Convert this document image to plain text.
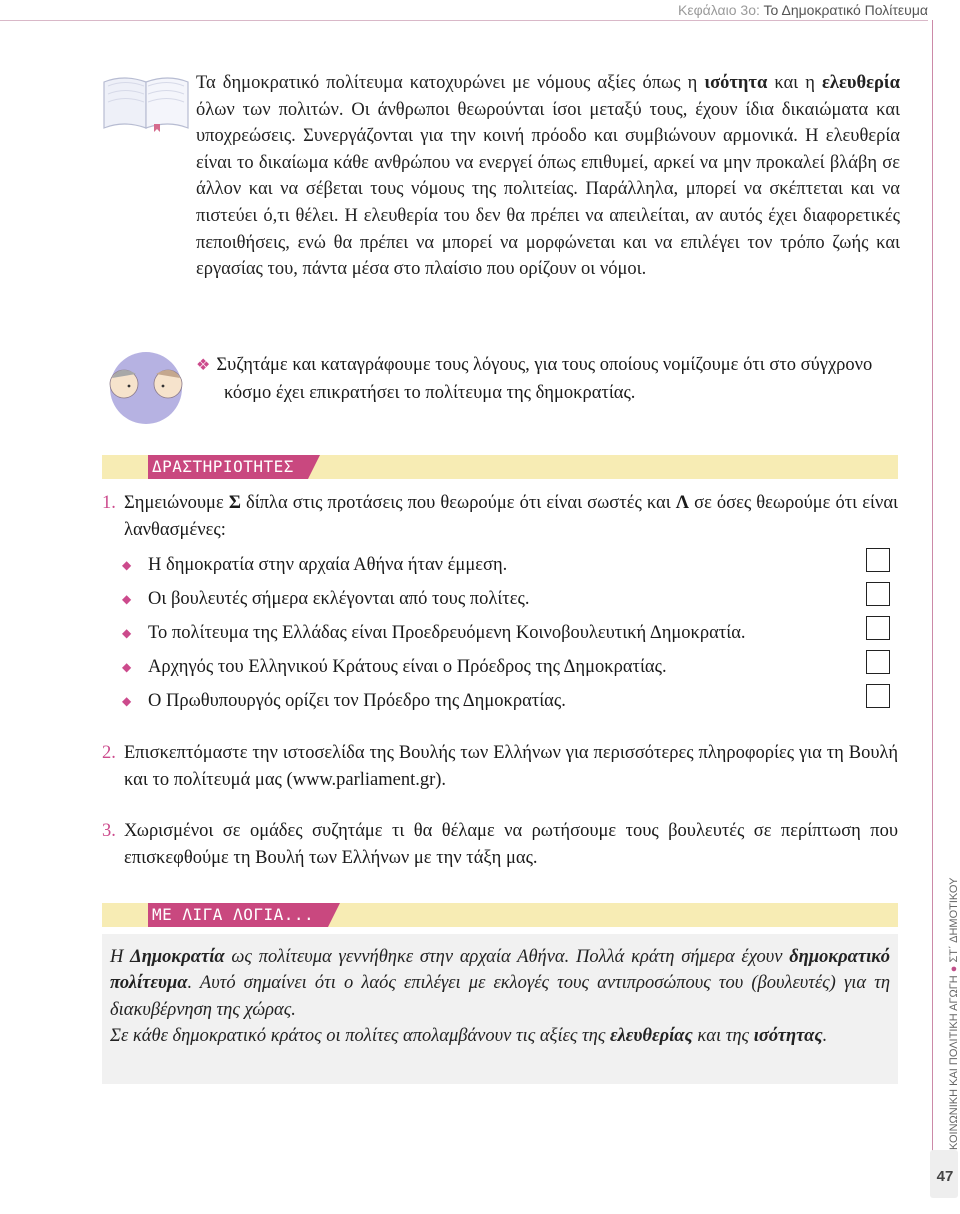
Κεφάλαιο 3ο: Το Δημοκρατικό Πολίτευμα
ΚΟΙΝΩΝΙΚΗ ΚΑΙ ΠΟΛΙΤΙΚΗ ΑΓΩΓΗ ● ΣΤ΄ ΔΗΜΟΤΙΚΟΥ
47
Τα δημοκρατικό πολίτευμα κατοχυρώνει με νόμους αξίες όπως η ισότητα και η ελευθερία όλων των πολιτών. Οι άνθρωποι θεωρούνται ίσοι μεταξύ τους, έχουν ίδια δικαιώματα και υποχρεώσεις. Συνεργάζονται για την κοινή πρόοδο και συμβιώνουν αρμονικά. Η ελευθερία είναι το δικαίωμα κάθε ανθρώπου να ενεργεί όπως επιθυμεί, αρκεί να μην προκαλεί βλάβη σε άλλον και να σέβεται τους νόμους της πολιτείας. Παράλληλα, μπορεί να σκέπτεται και να πιστεύει ό,τι θέλει. Η ελευθερία του δεν θα πρέπει να απειλείται, αν αυτός έχει διαφορετικές πεποιθήσεις, ενώ θα πρέπει να μπορεί να μορφώνεται και να επιλέγει τον τρόπο ζωής και εργασίας του, πάντα μέσα στο πλαίσιο που ορίζουν οι νόμοι.
❖ Συζητάμε και καταγράφουμε τους λόγους, για τους οποίους νομίζουμε ότι στο σύγχρονο κόσμο έχει επικρατήσει το πολίτευμα της δημοκρατίας.
ΔΡΑΣΤΗΡΙΟΤΗΤΕΣ
1. Σημειώνουμε Σ δίπλα στις προτάσεις που θεωρούμε ότι είναι σωστές και Λ σε όσες θεωρούμε ότι είναι λανθασμένες:
◆ Η δημοκρατία στην αρχαία Αθήνα ήταν έμμεση.
◆ Οι βουλευτές σήμερα εκλέγονται από τους πολίτες.
◆ Το πολίτευμα της Ελλάδας είναι Προεδρευόμενη Κοινοβουλευτική Δημοκρατία.
◆ Αρχηγός του Ελληνικού Κράτους είναι ο Πρόεδρος της Δημοκρατίας.
◆ Ο Πρωθυπουργός ορίζει τον Πρόεδρο της Δημοκρατίας.
2. Επισκεπτόμαστε την ιστοσελίδα της Βουλής των Ελλήνων για περισσότερες πληροφορίες για τη Βουλή και το πολίτευμά μας (www.parliament.gr).
3. Χωρισμένοι σε ομάδες συζητάμε τι θα θέλαμε να ρωτήσουμε τους βουλευτές σε περίπτωση που επισκεφθούμε τη Βουλή των Ελλήνων με την τάξη μας.
ΜΕ ΛΙΓΑ ΛΟΓΙΑ...
Η Δημοκρατία ως πολίτευμα γεννήθηκε στην αρχαία Αθήνα. Πολλά κράτη σήμερα έχουν δημοκρατικό πολίτευμα. Αυτό σημαίνει ότι ο λαός επιλέγει με εκλογές τους αντιπροσώπους του (βουλευτές) για τη διακυβέρνηση της χώρας.
Σε κάθε δημοκρατικό κράτος οι πολίτες απολαμβάνουν τις αξίες της ελευθερίας και της ισότητας.
